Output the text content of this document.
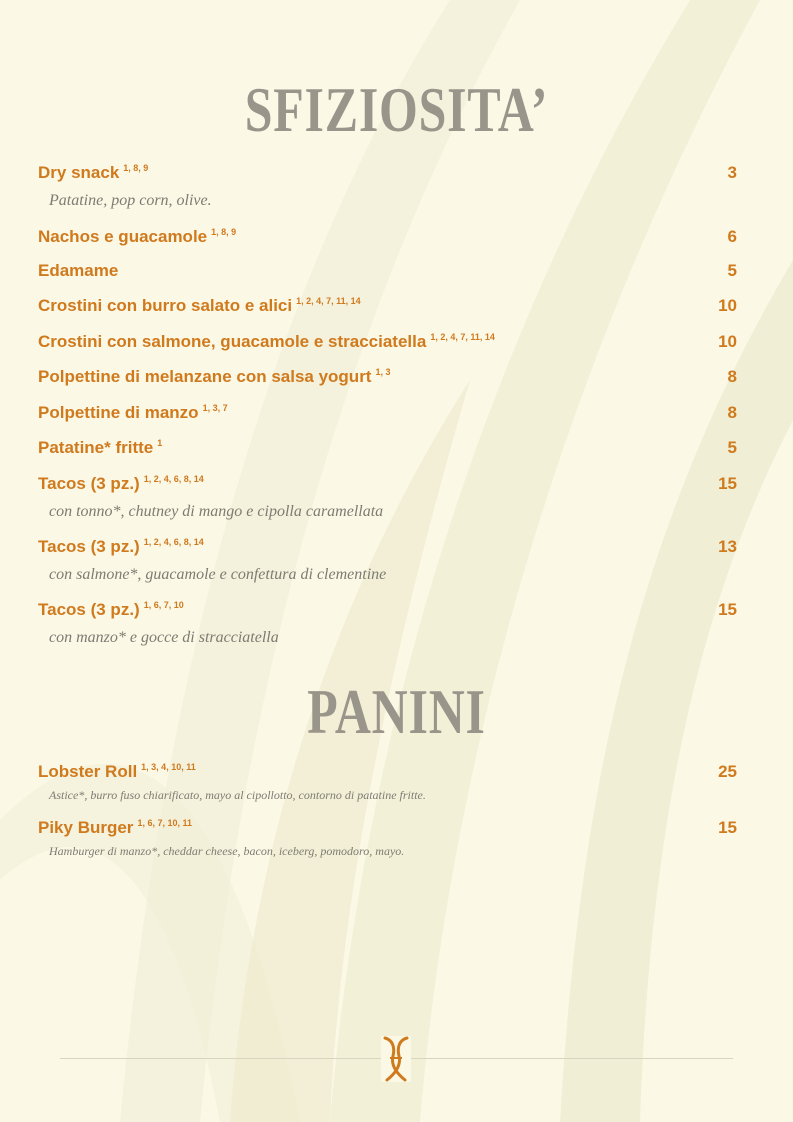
SFIZIOSITA’
Dry snack $^{1, 8, 9}$	3
Patatine, pop corn, olive.
Nachos e guacamole $^{1, 8, 9}$	6
Edamame	5
Crostini con burro salato e alici $^{1, 2, 4, 7, 11, 14}$	10
Crostini con salmone, guacamole e stracciatella $^{1, 2, 4, 7, 11, 14}$	10
Polpettine di melanzane con salsa yogurt $^{1, 3}$	8
Polpettine di manzo $^{1, 3, 7}$	8
Patatine* fritte $^1$	5
Tacos (3 pz.) $^{1, 2, 4, 6, 8, 14}$	15
con tonno*, chutney di mango e cipolla caramellata
Tacos (3 pz.) $^{1, 2, 4, 6, 8, 14}$	13
con salmone*, guacamole e confettura di clementine
Tacos (3 pz.) $^{1, 6, 7, 10}$	15
con manzo* e gocce di stracciatella
PANINI
Lobster Roll $^{1, 3, 4, 10, 11}$	25
Astice*, burro fuso chiarificato, mayo al cipollotto, contorno di patatine fritte.
Piky Burger $^{1, 6, 7, 10, 11}$	15
Hamburger di manzo*, cheddar cheese, bacon, iceberg, pomodoro, mayo.
